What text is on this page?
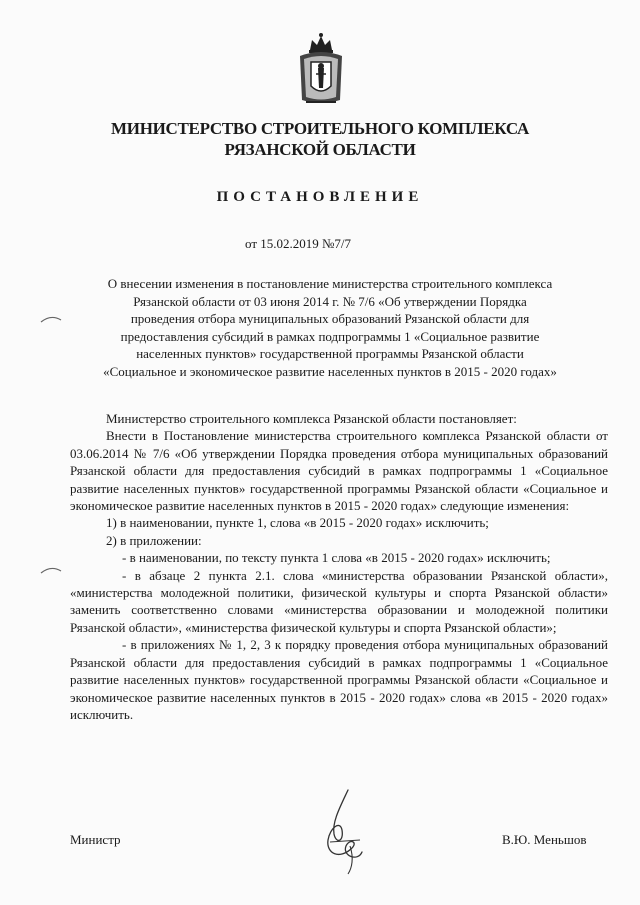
МИНИСТЕРСТВО СТРОИТЕЛЬНОГО КОМПЛЕКСА
РЯЗАНСКОЙ ОБЛАСТИ
ПОСТАНОВЛЕНИЕ
от 15.02.2019 №7/7
О внесении изменения в постановление министерства строительного комплекса
Рязанской области от 03 июня 2014 г. № 7/6 «Об утверждении Порядка
проведения отбора муниципальных образований Рязанской области для
предоставления субсидий в рамках подпрограммы 1 «Социальное развитие
населенных пунктов» государственной программы Рязанской области
«Социальное и экономическое развитие населенных пунктов в 2015 - 2020 годах»

Министерство строительного комплекса Рязанской области постановляет:

Внести в Постановление министерства строительного комплекса Рязанской области от 03.06.2014 № 7/6 «Об утверждении Порядка проведения отбора муниципальных образований Рязанской области для предоставления субсидий в рамках подпрограммы 1 «Социальное развитие населенных пунктов» государственной программы Рязанской области «Социальное и экономическое развитие населенных пунктов в 2015 - 2020 годах» следующие изменения:

1) в наименовании, пункте 1, слова «в 2015 - 2020 годах» исключить;

2) в приложении:

- в наименовании, по тексту пункта 1 слова «в 2015 - 2020 годах» исключить;

- в абзаце 2 пункта 2.1. слова «министерства образовании Рязанской области», «министерства молодежной политики, физической культуры и спорта Рязанской области» заменить соответственно словами «министерства образовании и молодежной политики Рязанской области», «министерства физической культуры и спорта Рязанской области»;

- в приложениях № 1, 2, 3 к порядку проведения отбора муниципальных образований Рязанской области для предоставления субсидий в рамках подпрограммы 1 «Социальное развитие населенных пунктов» государственной программы Рязанской области «Социальное и экономическое развитие населенных пунктов в 2015 - 2020 годах» слова «в 2015 - 2020 годах» исключить.

Министр	В.Ю. Меньшов
